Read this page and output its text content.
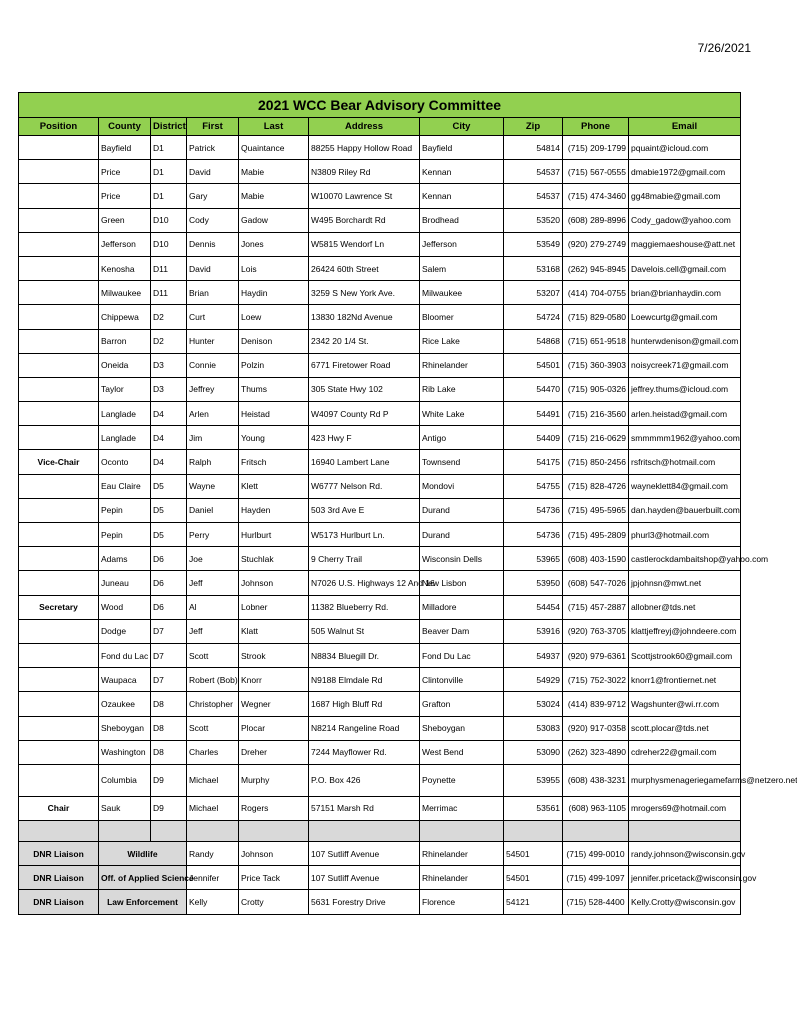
7/26/2021
2021 WCC Bear Advisory Committee									
Position	County	District	First	Last	Address	City	Zip	Phone	Email
	Bayfield	D1	Patrick	Quaintance	88255 Happy Hollow Road	Bayfield	54814	(715) 209-1799	pquaint@icloud.com
	Price	D1	David	Mabie	N3809 Riley Rd	Kennan	54537	(715) 567-0555	dmabie1972@gmail.com
	Price	D1	Gary	Mabie	W10070 Lawrence St	Kennan	54537	(715) 474-3460	gg48mabie@gmail.com
	Green	D10	Cody	Gadow	W495 Borchardt Rd	Brodhead	53520	(608) 289-8996	Cody_gadow@yahoo.com
	Jefferson	D10	Dennis	Jones	W5815 Wendorf Ln	Jefferson	53549	(920) 279-2749	maggiemaeshouse@att.net
	Kenosha	D11	David	Lois	26424 60th Street	Salem	53168	(262) 945-8945	Davelois.cell@gmail.com
	Milwaukee	D11	Brian	Haydin	3259 S New York Ave.	Milwaukee	53207	(414) 704-0755	brian@brianhaydin.com
	Chippewa	D2	Curt	Loew	13830 182Nd Avenue	Bloomer	54724	(715) 829-0580	Loewcurtg@gmail.com
	Barron	D2	Hunter	Denison	2342 20 1/4 St.	Rice Lake	54868	(715) 651-9518	hunterwdenison@gmail.com
	Oneida	D3	Connie	Polzin	6771 Firetower Road	Rhinelander	54501	(715) 360-3903	noisycreek71@gmail.com
	Taylor	D3	Jeffrey	Thums	305 State Hwy 102	Rib Lake	54470	(715) 905-0326	jeffrey.thums@icloud.com
	Langlade	D4	Arlen	Heistad	W4097 County Rd P	White Lake	54491	(715) 216-3560	arlen.heistad@gmail.com
	Langlade	D4	Jim	Young	423 Hwy F	Antigo	54409	(715) 216-0629	smmmmm1962@yahoo.com
Vice-Chair	Oconto	D4	Ralph	Fritsch	16940 Lambert Lane	Townsend	54175	(715) 850-2456	rsfritsch@hotmail.com
	Eau Claire	D5	Wayne	Klett	W6777 Nelson Rd.	Mondovi	54755	(715) 828-4726	wayneklett84@gmail.com
	Pepin	D5	Daniel	Hayden	503 3rd Ave E	Durand	54736	(715) 495-5965	dan.hayden@bauerbuilt.com
	Pepin	D5	Perry	Hurlburt	W5173 Hurlburt Ln.	Durand	54736	(715) 495-2809	phurl3@hotmail.com
	Adams	D6	Joe	Stuchlak	9 Cherry Trail	Wisconsin Dells	53965	(608) 403-1590	castlerockdambaitshop@yahoo.com
	Juneau	D6	Jeff	Johnson	N7026 U.S. Highways 12 And 16	New Lisbon	53950	(608) 547-7026	jpjohnsn@mwt.net
Secretary	Wood	D6	Al	Lobner	11382 Blueberry Rd.	Milladore	54454	(715) 457-2887	allobner@tds.net
	Dodge	D7	Jeff	Klatt	505 Walnut St	Beaver Dam	53916	(920) 763-3705	klattjeffreyj@johndeere.com
	Fond du Lac	D7	Scott	Strook	N8834 Bluegill Dr.	Fond Du Lac	54937	(920) 979-6361	Scottjstrook60@gmail.com
	Waupaca	D7	Robert (Bob)	Knorr	N9188 Elmdale Rd	Clintonville	54929	(715) 752-3022	knorr1@frontiernet.net
	Ozaukee	D8	Christopher	Wegner	1687 High Bluff Rd	Grafton	53024	(414) 839-9712	Wagshunter@wi.rr.com
	Sheboygan	D8	Scott	Plocar	N8214 Rangeline Road	Sheboygan	53083	(920) 917-0358	scott.plocar@tds.net
	Washington	D8	Charles	Dreher	7244 Mayflower Rd.	West Bend	53090	(262) 323-4890	cdreher22@gmail.com
	Columbia	D9	Michael	Murphy	P.O. Box 426	Poynette	53955	(608) 438-3231	murphysmenageriegamefarms@netzero.net
Chair	Sauk	D9	Michael	Rogers	57151 Marsh Rd	Merrimac	53561	(608) 963-1105	mrogers69@hotmail.com

DNR Liaison	Wildlife		Randy	Johnson	107 Sutliff Avenue	Rhinelander	54501	(715) 499-0010	randy.johnson@wisconsin.gov
DNR Liaison	Off. of Applied Science		Jennifer	Price Tack	107 Sutliff Avenue	Rhinelander	54501	(715) 499-1097	jennifer.pricetack@wisconsin.gov
DNR Liaison	Law Enforcement		Kelly	Crotty	5631 Forestry Drive	Florence	54121	(715) 528-4400	Kelly.Crotty@wisconsin.gov
